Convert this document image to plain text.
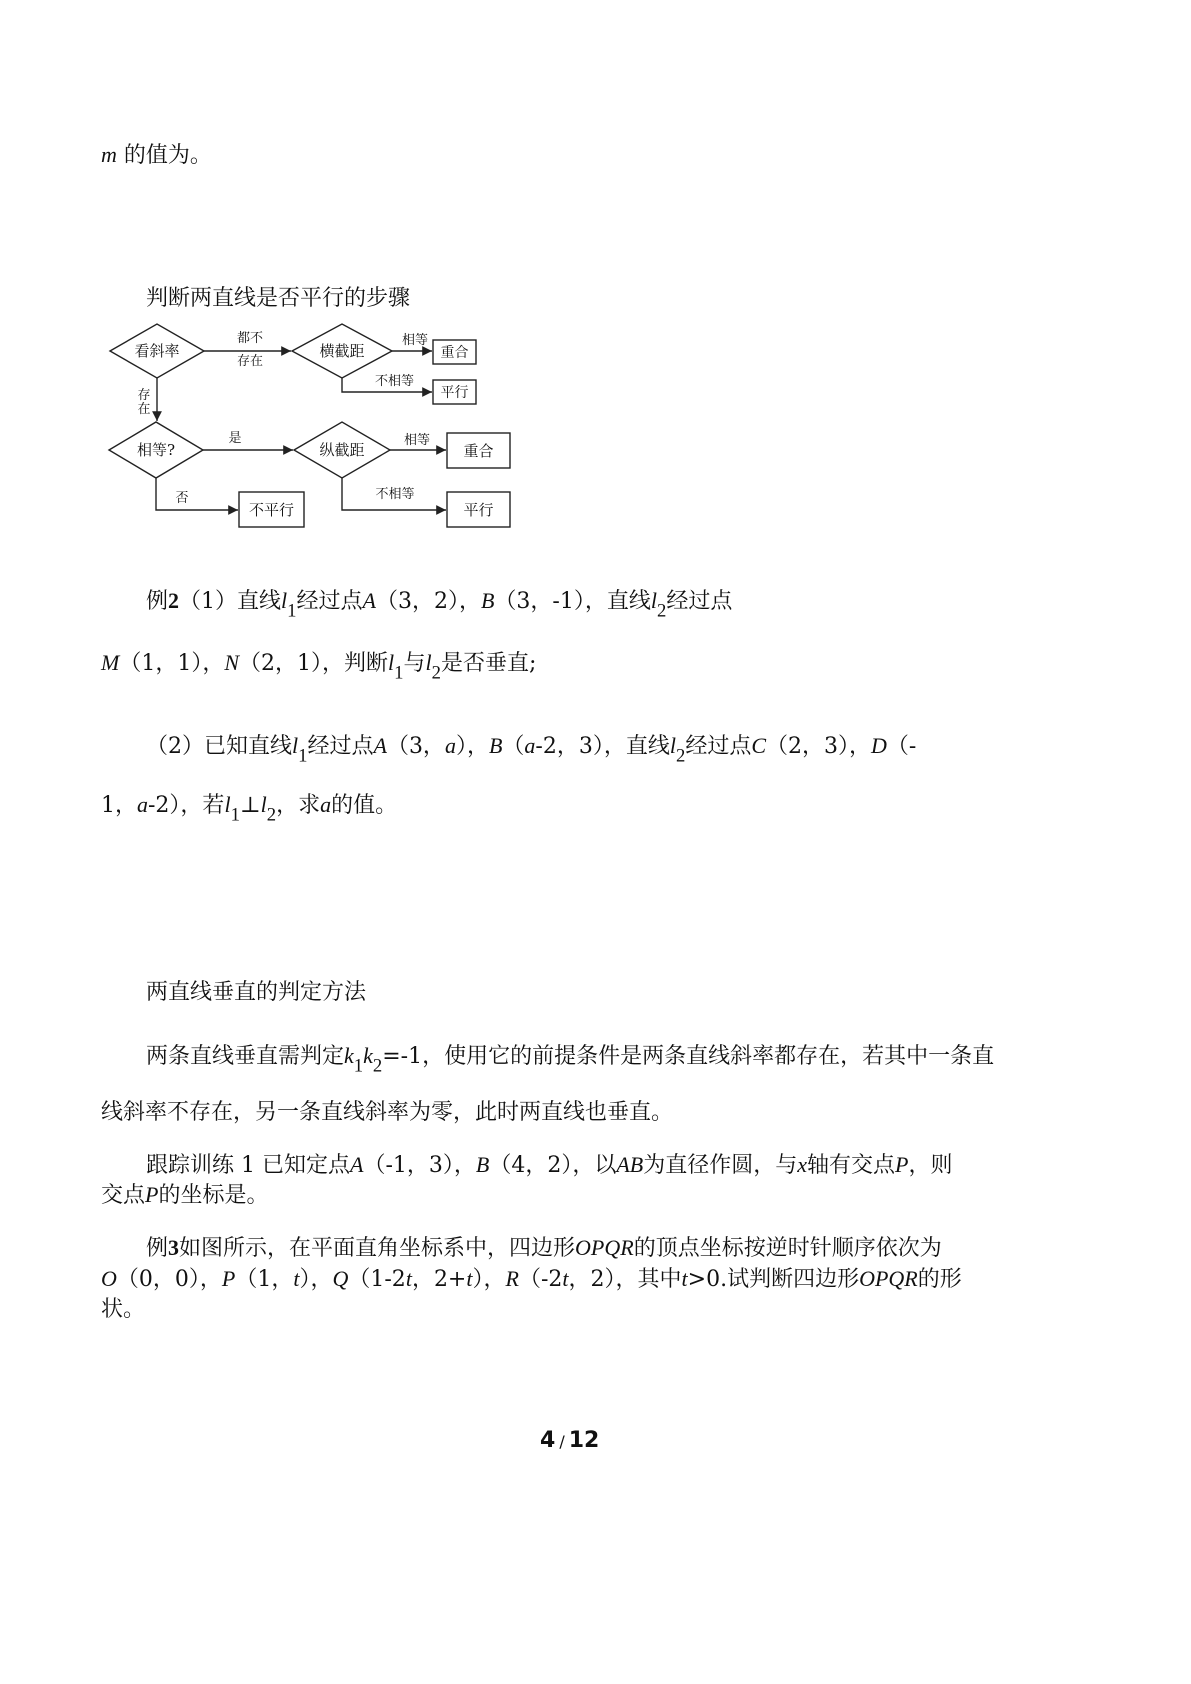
m 的值为。
判断两直线是否平行的步骤
看斜率	横截距
相等?	纵截距
都不
存在
相等
不相等
存
在
是	相等
否	不相等
重合
平行
重合
不平行	平行
例2（1）直线$l_1$经过点A（3，2），B（3，-1），直线$l_2$经过点
M（1，1），N（2，1），判断$l_1$与$l_2$是否垂直;
（2）已知直线$l_1$经过点A（3，a），B（a-2，3），直线$l_2$经过点C（2，3），D（-
1，a-2），若$l_1\perp l_2$，求a的值。
两直线垂直的判定方法
两条直线垂直需判定$k_1k_2=-1$，使用它的前提条件是两条直线斜率都存在，若其中一条直
线斜率不存在，另一条直线斜率为零，此时两直线也垂直。
跟踪训练 1 已知定点A（-1，3），B（4，2），以AB为直径作圆，与x轴有交点P，则
交点P的坐标是。
例3如图所示，在平面直角坐标系中，四边形OPQR的顶点坐标按逆时针顺序依次为
O（0，0），P（1，t），Q（1-2t，2+t），R（-2t，2），其中t>0.试判断四边形OPQR的形
状。
4 / 12
